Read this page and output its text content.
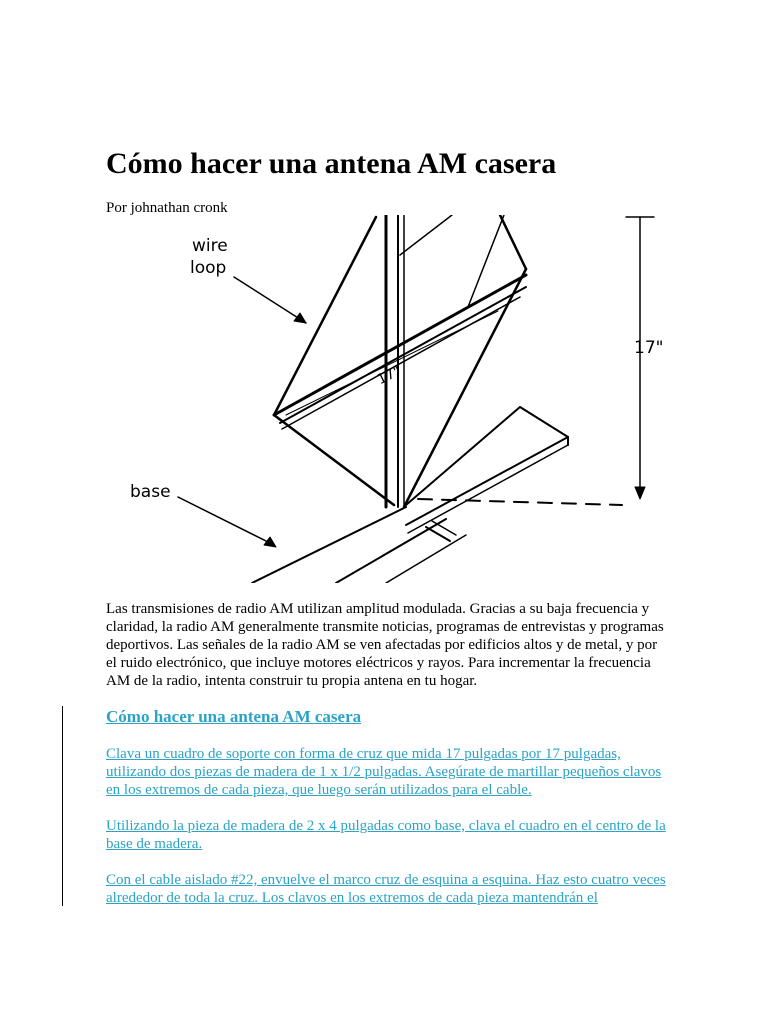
Cómo hacer una antena AM casera
Por johnathan cronk
wire
loop
base
17"
17"

Las transmisiones de radio AM utilizan amplitud modulada. Gracias a su baja frecuencia y claridad, la radio AM generalmente transmite noticias, programas de entrevistas y programas deportivos. Las señales de la radio AM se ven afectadas por edificios altos y de metal, y por el ruido electrónico, que incluye motores eléctricos y rayos. Para incrementar la frecuencia AM de la radio, intenta construir tu propia antena en tu hogar.

Cómo hacer una antena AM casera

Clava un cuadro de soporte con forma de cruz que mida 17 pulgadas por 17 pulgadas, utilizando dos piezas de madera de 1 x 1/2 pulgadas. Asegúrate de martillar pequeños clavos en los extremos de cada pieza, que luego serán utilizados para el cable.

Utilizando la pieza de madera de 2 x 4 pulgadas como base, clava el cuadro en el centro de la base de madera.

Con el cable aislado #22, envuelve el marco cruz de esquina a esquina. Haz esto cuatro veces alrededor de toda la cruz. Los clavos en los extremos de cada pieza mantendrán el
